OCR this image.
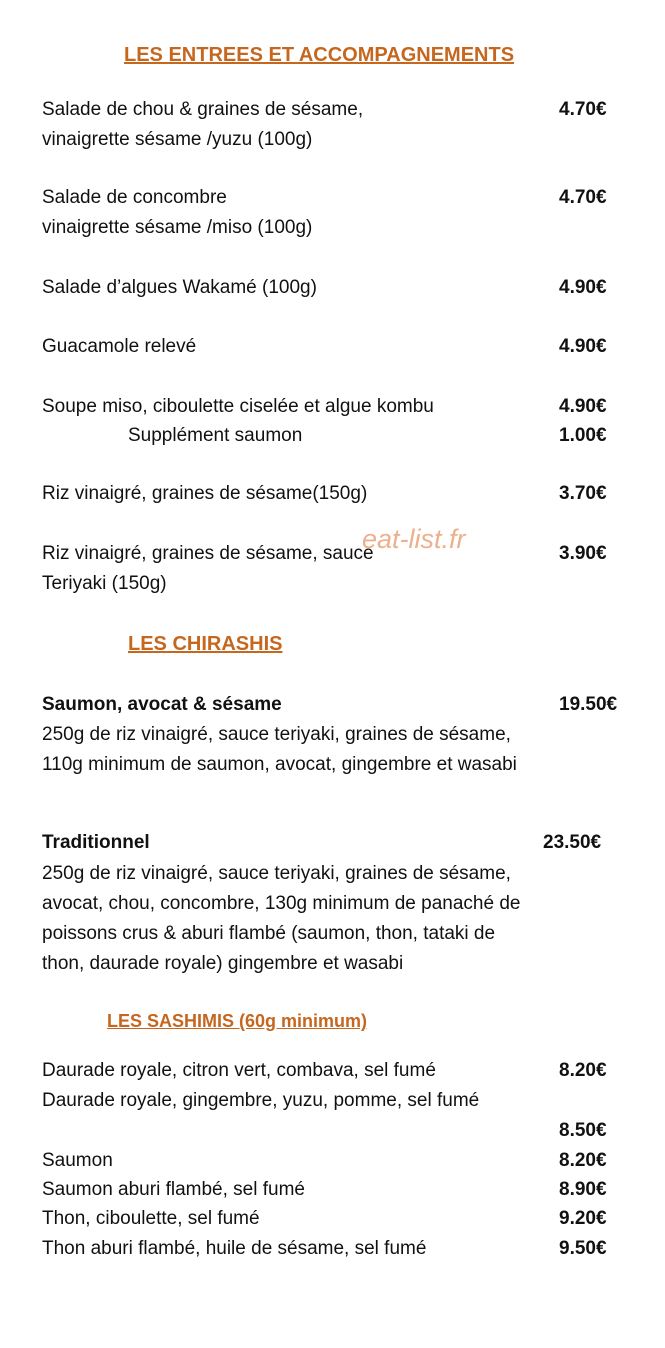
LES ENTREES ET ACCOMPAGNEMENTS
Salade de chou & graines de sésame,
vinaigrette sésame /yuzu (100g)
4.70€
Salade de concombre
vinaigrette sésame /miso (100g)
4.70€
Salade d’algues Wakamé (100g)	4.90€
Guacamole relevé	4.90€
Soupe miso, ciboulette ciselée et algue kombu	4.90€
Supplément saumon	1.00€
Riz vinaigré, graines de sésame(150g)	3.70€
Riz vinaigré, graines de sésame, sauce
Teriyaki (150g)
3.90€
eat-list.fr
LES CHIRASHIS
Saumon, avocat & sésame	19.50€
250g de riz vinaigré, sauce teriyaki, graines de sésame,
110g minimum de saumon, avocat, gingembre et wasabi
Traditionnel	23.50€
250g de riz vinaigré, sauce teriyaki, graines de sésame,
avocat, chou, concombre, 130g minimum de panaché de
poissons crus & aburi flambé (saumon, thon, tataki de
thon, daurade royale) gingembre et wasabi
LES SASHIMIS (60g minimum)
Daurade royale, citron vert, combava, sel fumé	8.20€
Daurade royale, gingembre, yuzu, pomme, sel fumé
8.50€
Saumon	8.20€
Saumon aburi flambé, sel fumé	8.90€
Thon, ciboulette, sel fumé	9.20€
Thon aburi flambé, huile de sésame, sel fumé	9.50€
